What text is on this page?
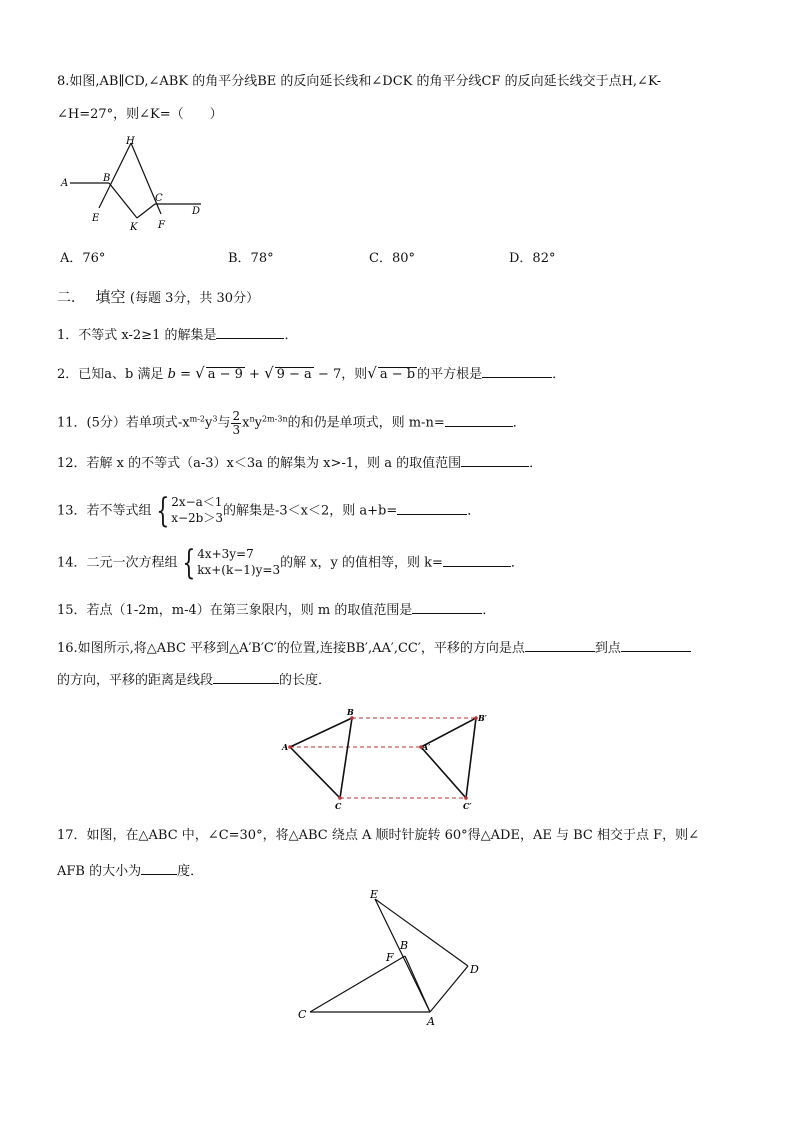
8.如图,AB∥CD,∠ABK 的角平分线BE 的反向延长线和∠DCK 的角平分线CF 的反向延长线交于点H,∠K-
∠H=27°，则∠K=（　　）
H
A	B
C
D
E
K F
A．76°	B．78°	C．80°	D．82°
二． 填空 (每题 3分，共 30分）
1．不等式 x-2≥1 的解集是	．
2．已知a、b 满足 b = √ a − 9 + √ 9 − a − 7，则√ a − b 的平方根是	．
11．(5分）若单项式$-x^{m-2}y^3$与 $\frac{2}{3} x^ny^{2m-3n}$的和仍是单项式，则 m-n=	．
12．若解 x 的不等式（a-3）x＜3a 的解集为 x>-1，则 a 的取值范围	．
13．若不等式组 { 2x−a＜1
x−2b＞3 的解集是-3＜x＜2，则 a+b=	．
14．二元一次方程组 { 4x+3y=7
kx+(k−1)y=3 的解 x，y 的值相等，则 k=	．
15．若点（1-2m，m-4）在第三象限内，则 m 的取值范围是	．
16.如图所示,将△ABC 平移到△A′B′C′的位置,连接BB′,AA′,CC′，平移的方向是点	到点
的方向，平移的距离是线段	的长度．
B
A
C
A′
B′
C′
17．如图，在△ABC 中，∠C=30°，将△ABC 绕点 A 顺时针旋转 60°得△ADE，AE 与 BC 相交于点 F，则∠
AFB 的大小为	度．
E
B
F
D
C
A
